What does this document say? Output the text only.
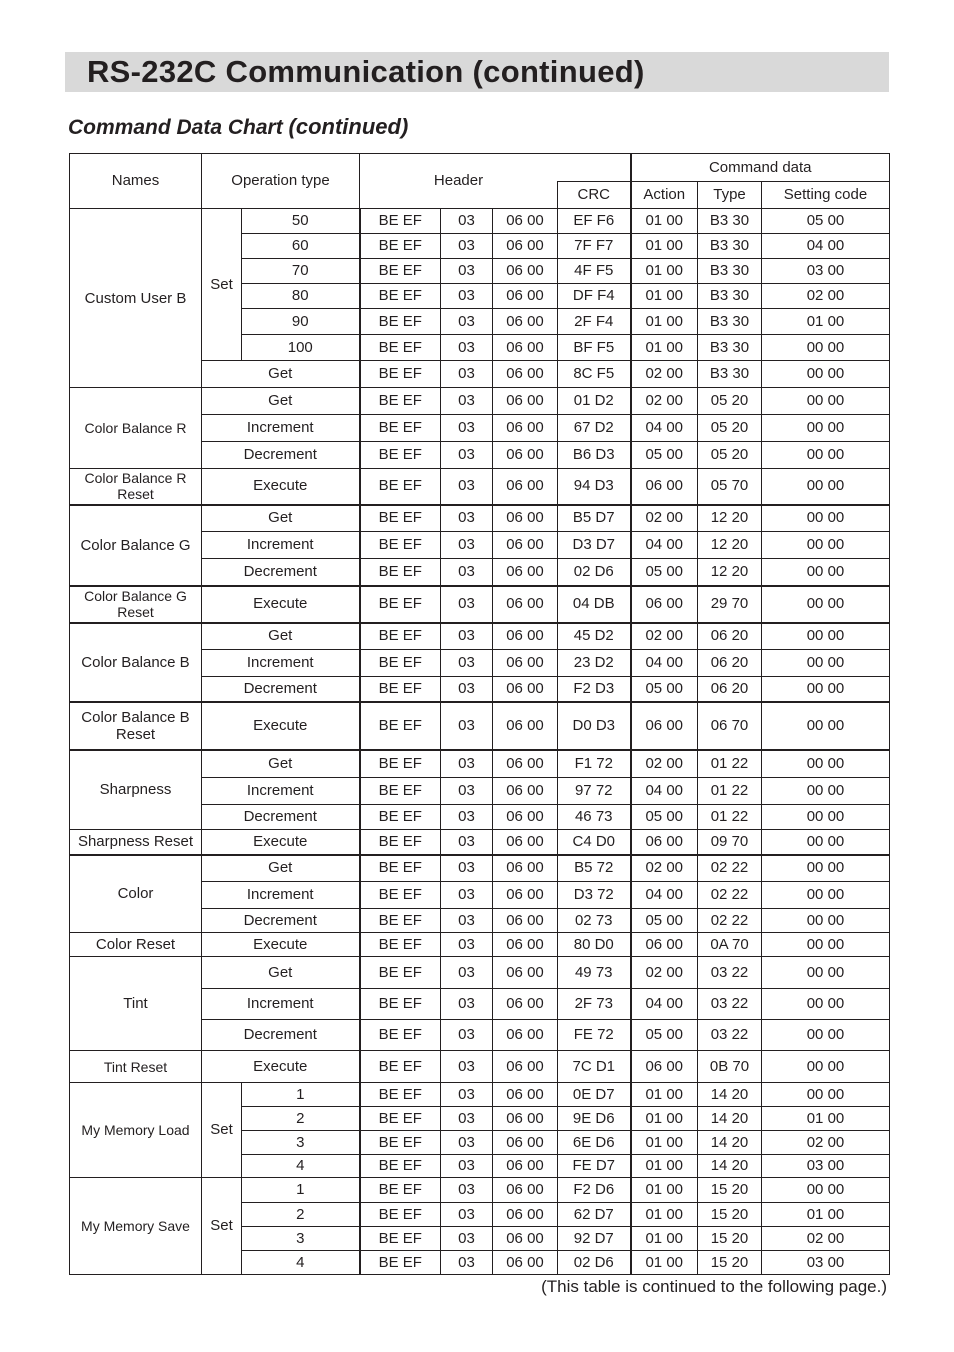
RS-232C Communication (continued)

Command Data Chart (continued)

Names	Operation type		Header				Command data		
						CRC	Action	Type	Setting code
Custom User B	Set	50	BE EF	03	06 00	EF F6	01 00	B3 30	05 00
		60	BE EF	03	06 00	7F F7	01 00	B3 30	04 00
		70	BE EF	03	06 00	4F F5	01 00	B3 30	03 00
		80	BE EF	03	06 00	DF F4	01 00	B3 30	02 00
		90	BE EF	03	06 00	2F F4	01 00	B3 30	01 00
		100	BE EF	03	06 00	BF F5	01 00	B3 30	00 00
	Get		BE EF	03	06 00	8C F5	02 00	B3 30	00 00
Color Balance R	Get		BE EF	03	06 00	01 D2	02 00	05 20	00 00
	Increment		BE EF	03	06 00	67 D2	04 00	05 20	00 00
	Decrement		BE EF	03	06 00	B6 D3	05 00	05 20	00 00
Color Balance R Reset	Execute		BE EF	03	06 00	94 D3	06 00	05 70	00 00
Color Balance G	Get		BE EF	03	06 00	B5 D7	02 00	12 20	00 00
	Increment		BE EF	03	06 00	D3 D7	04 00	12 20	00 00
	Decrement		BE EF	03	06 00	02 D6	05 00	12 20	00 00
Color Balance G Reset	Execute		BE EF	03	06 00	04 DB	06 00	29 70	00 00
Color Balance B	Get		BE EF	03	06 00	45 D2	02 00	06 20	00 00
	Increment		BE EF	03	06 00	23 D2	04 00	06 20	00 00
	Decrement		BE EF	03	06 00	F2 D3	05 00	06 20	00 00
Color Balance B Reset	Execute		BE EF	03	06 00	D0 D3	06 00	06 70	00 00
Sharpness	Get		BE EF	03	06 00	F1 72	02 00	01 22	00 00
	Increment		BE EF	03	06 00	97 72	04 00	01 22	00 00
	Decrement		BE EF	03	06 00	46 73	05 00	01 22	00 00
Sharpness Reset	Execute		BE EF	03	06 00	C4 D0	06 00	09 70	00 00
Color	Get		BE EF	03	06 00	B5 72	02 00	02 22	00 00
	Increment		BE EF	03	06 00	D3 72	04 00	02 22	00 00
	Decrement		BE EF	03	06 00	02 73	05 00	02 22	00 00
Color Reset	Execute		BE EF	03	06 00	80 D0	06 00	0A 70	00 00
Tint	Get		BE EF	03	06 00	49 73	02 00	03 22	00 00
	Increment		BE EF	03	06 00	2F 73	04 00	03 22	00 00
	Decrement		BE EF	03	06 00	FE 72	05 00	03 22	00 00
Tint Reset	Execute		BE EF	03	06 00	7C D1	06 00	0B 70	00 00
My Memory Load	Set	1	BE EF	03	06 00	0E D7	01 00	14 20	00 00
		2	BE EF	03	06 00	9E D6	01 00	14 20	01 00
		3	BE EF	03	06 00	6E D6	01 00	14 20	02 00
		4	BE EF	03	06 00	FE D7	01 00	14 20	03 00
My Memory Save	Set	1	BE EF	03	06 00	F2 D6	01 00	15 20	00 00
		2	BE EF	03	06 00	62 D7	01 00	15 20	01 00
		3	BE EF	03	06 00	92 D7	01 00	15 20	02 00
		4	BE EF	03	06 00	02 D6	01 00	15 20	03 00

(This table is continued to the following page.)
